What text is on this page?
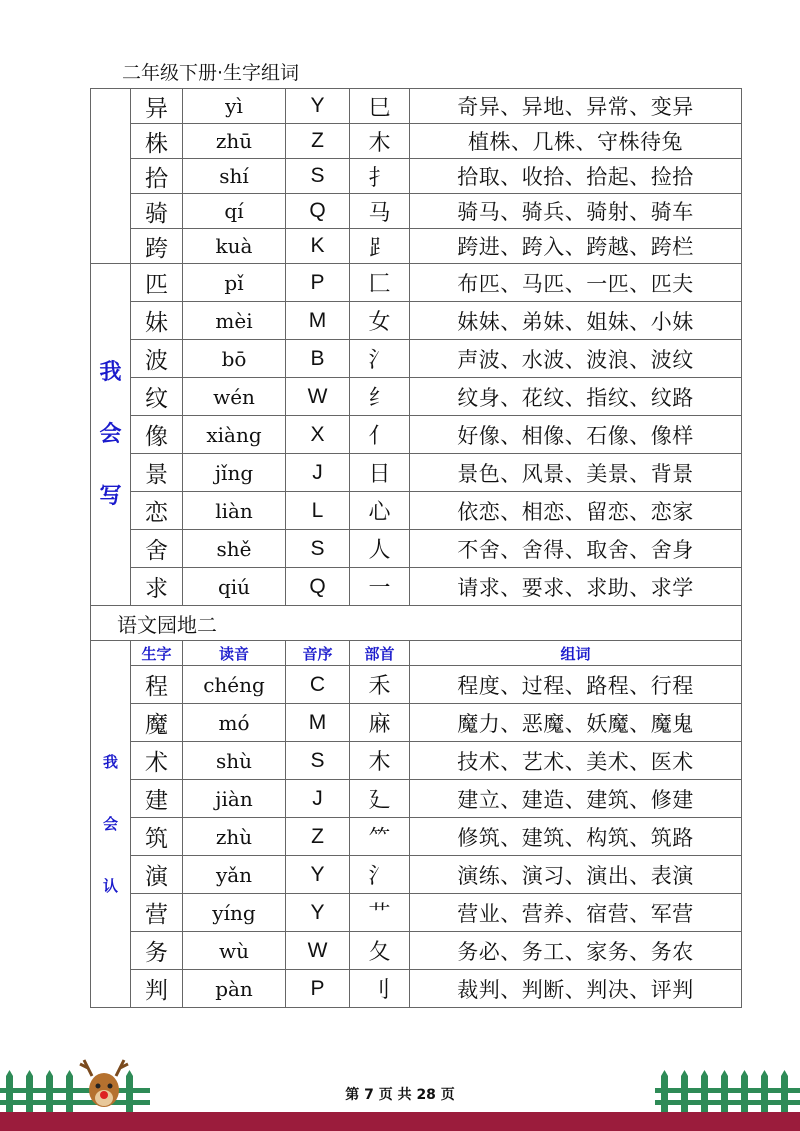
二年级下册·生字组词
	异	yì	Y	巳	奇异、异地、异常、变异
	株	zhū	Z	木	植株、几株、守株待兔
	拾	shí	S	扌	拾取、收拾、拾起、捡拾
	骑	qí	Q	马	骑马、骑兵、骑射、骑车
	跨	kuà	K	⻊	跨进、跨入、跨越、跨栏

我
会
写	匹	pǐ	P	匚	布匹、马匹、一匹、匹夫
	妹	mèi	M	女	妹妹、弟妹、姐妹、小妹
	波	bō	B	氵	声波、水波、波浪、波纹
	纹	wén	W	纟	纹身、花纹、指纹、纹路
	像	xiàng	X	亻	好像、相像、石像、像样
	景	jǐng	J	日	景色、风景、美景、背景
	恋	liàn	L	心	依恋、相恋、留恋、恋家
	舍	shě	S	人	不舍、舍得、取舍、舍身
	求	qiú	Q	一	请求、要求、求助、求学
语文园地二					

我
会
认	生字	读音	音序	部首	组词
	程	chéng	C	禾	程度、过程、路程、行程
	魔	mó	M	麻	魔力、恶魔、妖魔、魔鬼
	术	shù	S	木	技术、艺术、美术、医术
	建	jiàn	J	廴	建立、建造、建筑、修建
	筑	zhù	Z	⺮	修筑、建筑、构筑、筑路
	演	yǎn	Y	氵	演练、演习、演出、表演
	营	yíng	Y	艹	营业、营养、宿营、军营
	务	wù	W	夂	务必、务工、家务、务农
	判	pàn	P	刂	裁判、判断、判决、评判
第 7 页 共 28 页
